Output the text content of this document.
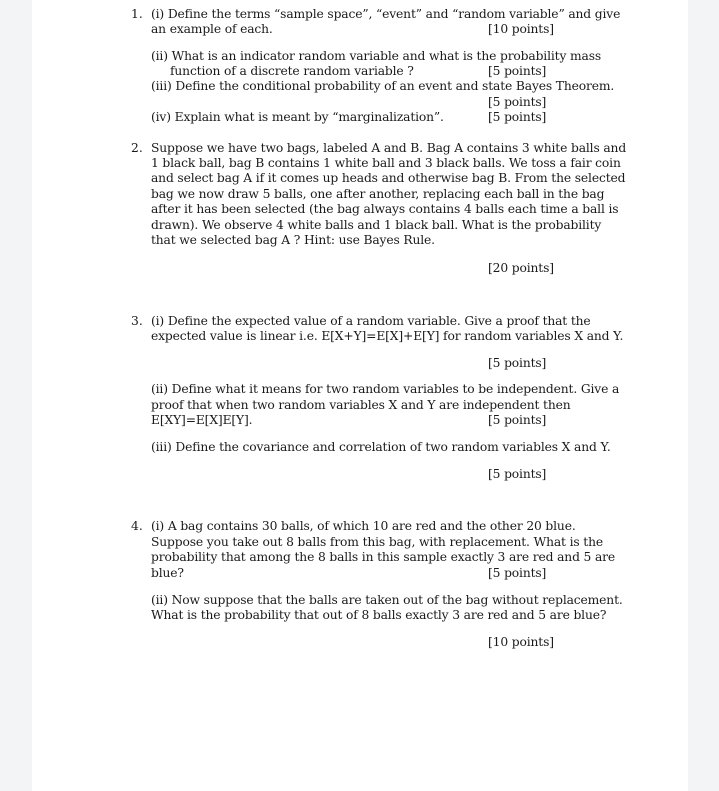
1. (i) Define the terms “sample space”, “event” and “random variable” and give
an example of each.	[10 points]
(ii) What is an indicator random variable and what is the probability mass
function of a discrete random variable ?	[5 points]
(iii) Define the conditional probability of an event and state Bayes Theorem.
[5 points]
(iv) Explain what is meant by “marginalization”.	[5 points]
2. Suppose we have two bags, labeled A and B. Bag A contains 3 white balls and
1 black ball, bag B contains 1 white ball and 3 black balls. We toss a fair coin
and select bag A if it comes up heads and otherwise bag B. From the selected
bag we now draw 5 balls, one after another, replacing each ball in the bag
after it has been selected (the bag always contains 4 balls each time a ball is
drawn). We observe 4 white balls and 1 black ball. What is the probability
that we selected bag A ? Hint: use Bayes Rule.
[20 points]
3. (i) Define the expected value of a random variable. Give a proof that the
expected value is linear i.e. E[X+Y]=E[X]+E[Y] for random variables X and Y.
[5 points]
(ii) Define what it means for two random variables to be independent. Give a
proof that when two random variables X and Y are independent then
E[XY]=E[X]E[Y].	[5 points]
(iii) Define the covariance and correlation of two random variables X and Y.
[5 points]
4. (i) A bag contains 30 balls, of which 10 are red and the other 20 blue.
Suppose you take out 8 balls from this bag, with replacement. What is the
probability that among the 8 balls in this sample exactly 3 are red and 5 are
blue?	[5 points]
(ii) Now suppose that the balls are taken out of the bag without replacement.
What is the probability that out of 8 balls exactly 3 are red and 5 are blue?
[10 points]
